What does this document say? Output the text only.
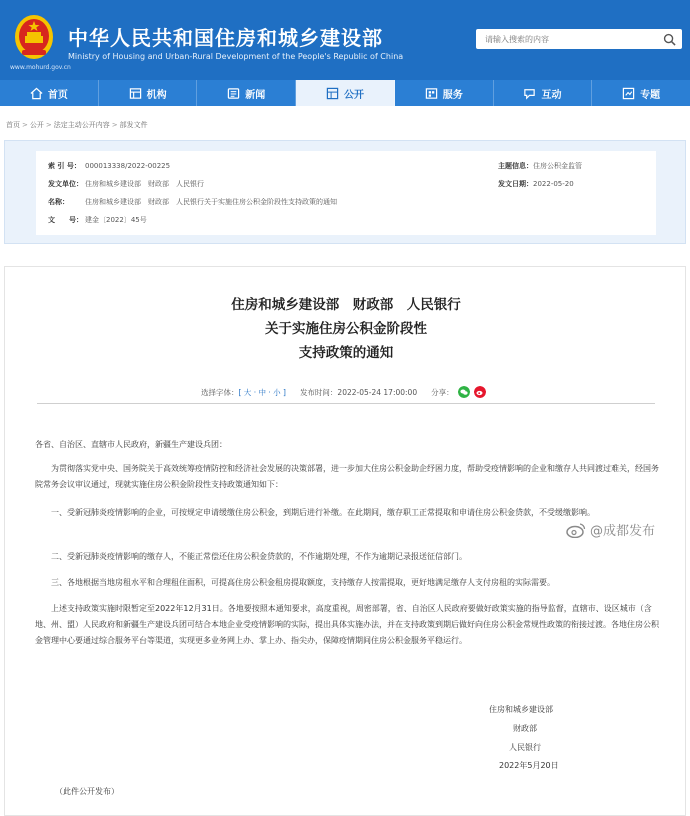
中华人民共和国住房和城乡建设部
Ministry of Housing and Urban-Rural Development of the People's Republic of China
www.mohurd.gov.cn
请输入搜索的内容
首页	机构	新闻	公开	服务	互动	专题
首页 > 公开 > 法定主动公开内容 > 部发文件
索 引 号： 000013338/2022-00225	主题信息：住房公积金监管
发文单位： 住房和城乡建设部　财政部　人民银行	发文日期：2022-05-20
名称： 住房和城乡建设部　财政部　人民银行关于实施住房公积金阶段性支持政策的通知
文　　号： 建金〔2022〕45号
住房和城乡建设部　财政部　人民银行
关于实施住房公积金阶段性
支持政策的通知
选择字体： [ 大 · 中 · 小 ] 发布时间：2022-05-24 17:00:00 分享：
各省、自治区、直辖市人民政府，新疆生产建设兵团：
为贯彻落实党中央、国务院关于高效统筹疫情防控和经济社会发展的决策部署，进一步加大住房公积金助企纾困力度，帮助受疫情影响的企业和缴存人共同渡过难关，经国务院常务会议审议通过，现就实施住房公积金阶段性支持政策通知如下：
一、受新冠肺炎疫情影响的企业，可按规定申请缓缴住房公积金，到期后进行补缴。在此期间，缴存职工正常提取和申请住房公积金贷款，不受缓缴影响。
二、受新冠肺炎疫情影响的缴存人，不能正常偿还住房公积金贷款的，不作逾期处理，不作为逾期记录报送征信部门。
三、各地根据当地房租水平和合理租住面积，可提高住房公积金租房提取额度，支持缴存人按需提取，更好地满足缴存人支付房租的实际需要。
上述支持政策实施时限暂定至2022年12月31日。各地要按照本通知要求，高度重视，周密部署，省、自治区人民政府要做好政策实施的指导监督，直辖市、设区城市（含地、州、盟）人民政府和新疆生产建设兵团可结合本地企业受疫情影响的实际，提出具体实施办法，并在支持政策到期后做好向住房公积金常规性政策的衔接过渡。各地住房公积金管理中心要通过综合服务平台等渠道，实现更多业务网上办、掌上办、指尖办，保障疫情期间住房公积金服务平稳运行。
住房和城乡建设部
财政部
人民银行
2022年5月20日
（此件公开发布）
@成都发布
